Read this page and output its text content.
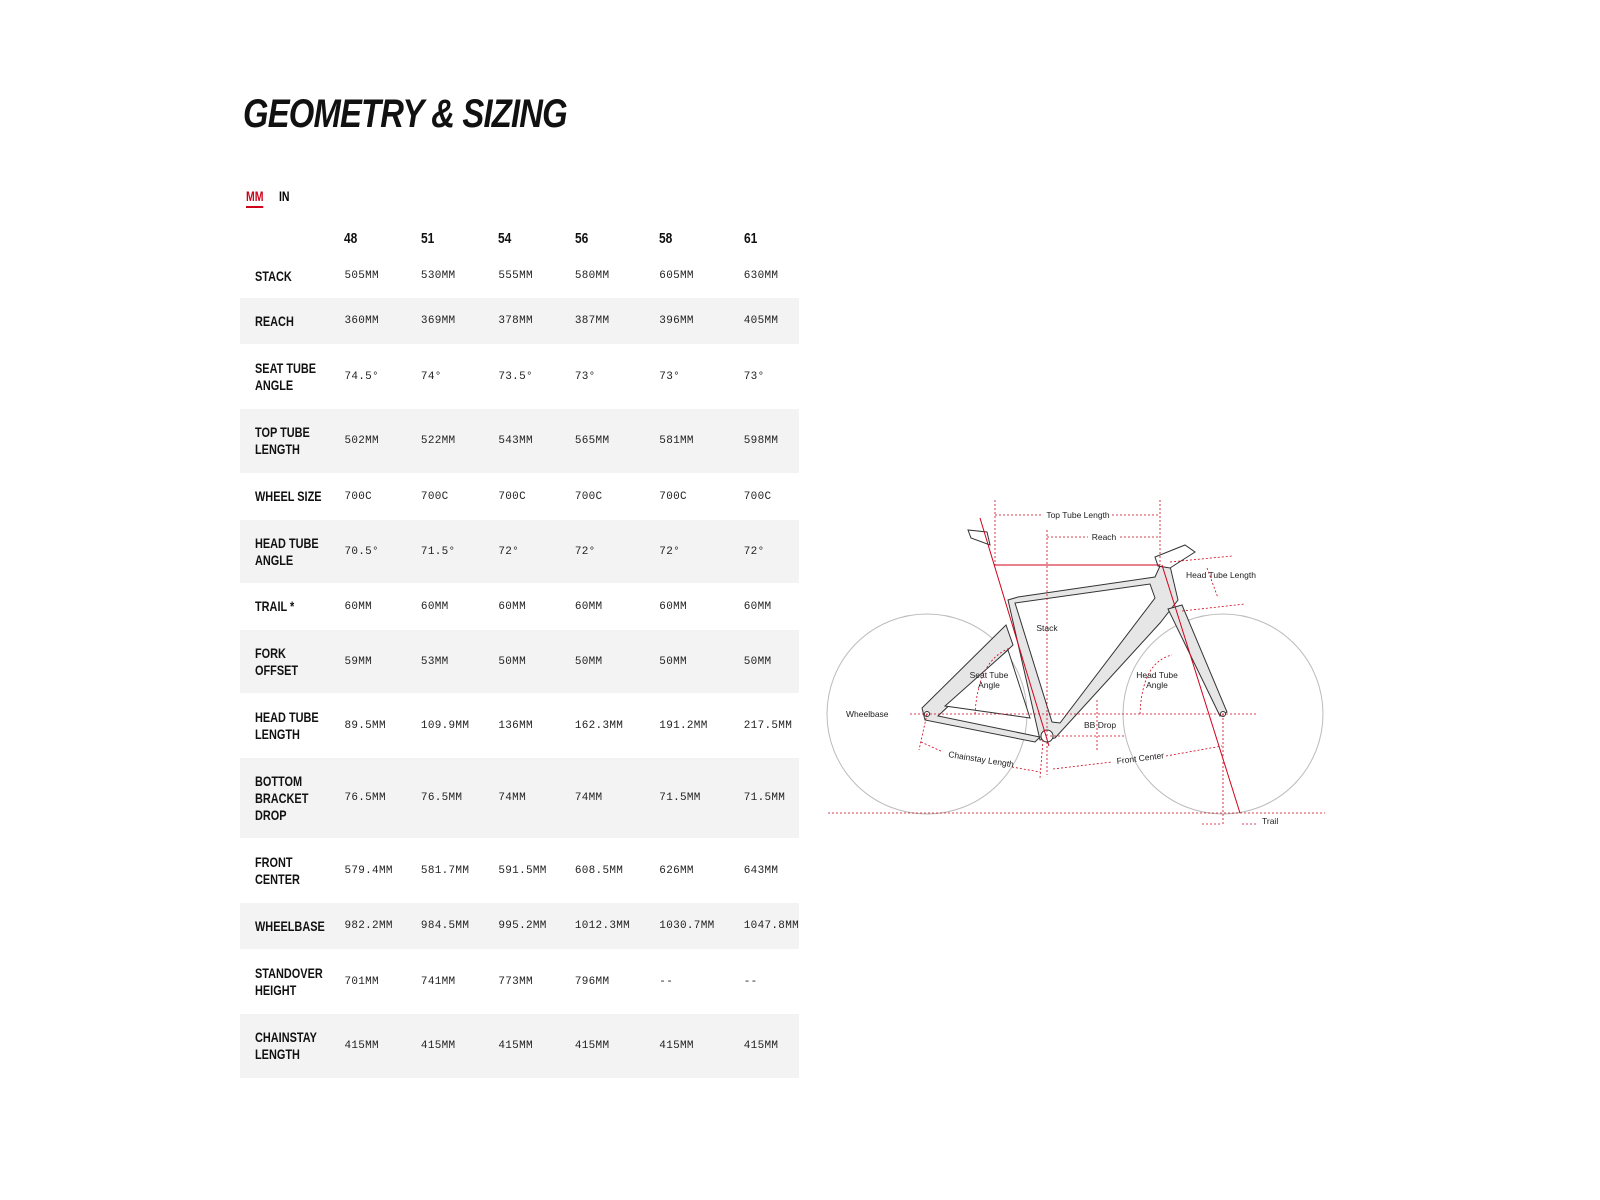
GEOMETRY & SIZING
MM IN
	48	51	54	56	58	61
STACK	505MM	530MM	555MM	580MM	605MM	630MM
REACH	360MM	369MM	378MM	387MM	396MM	405MM
SEAT TUBE
ANGLE	74.5°	74°	73.5°	73°	73°	73°
TOP TUBE
LENGTH	502MM	522MM	543MM	565MM	581MM	598MM
WHEEL SIZE	700C	700C	700C	700C	700C	700C
HEAD TUBE
ANGLE	70.5°	71.5°	72°	72°	72°	72°
TRAIL *	60MM	60MM	60MM	60MM	60MM	60MM
FORK
OFFSET	59MM	53MM	50MM	50MM	50MM	50MM
HEAD TUBE
LENGTH	89.5MM	109.9MM	136MM	162.3MM	191.2MM	217.5MM
BOTTOM
BRACKET
DROP	76.5MM	76.5MM	74MM	74MM	71.5MM	71.5MM
FRONT
CENTER	579.4MM	581.7MM	591.5MM	608.5MM	626MM	643MM
WHEELBASE	982.2MM	984.5MM	995.2MM	1012.3MM	1030.7MM	1047.8MM
STANDOVER
HEIGHT	701MM	741MM	773MM	796MM	--	--
CHAINSTAY
LENGTH	415MM	415MM	415MM	415MM	415MM	415MM
Top Tube Length
Reach
Head Tube Length
Stack
Seat Tube
Angle
Head Tube
Angle
Wheelbase
BB Drop
Chainstay Length	Front Center
Trail
